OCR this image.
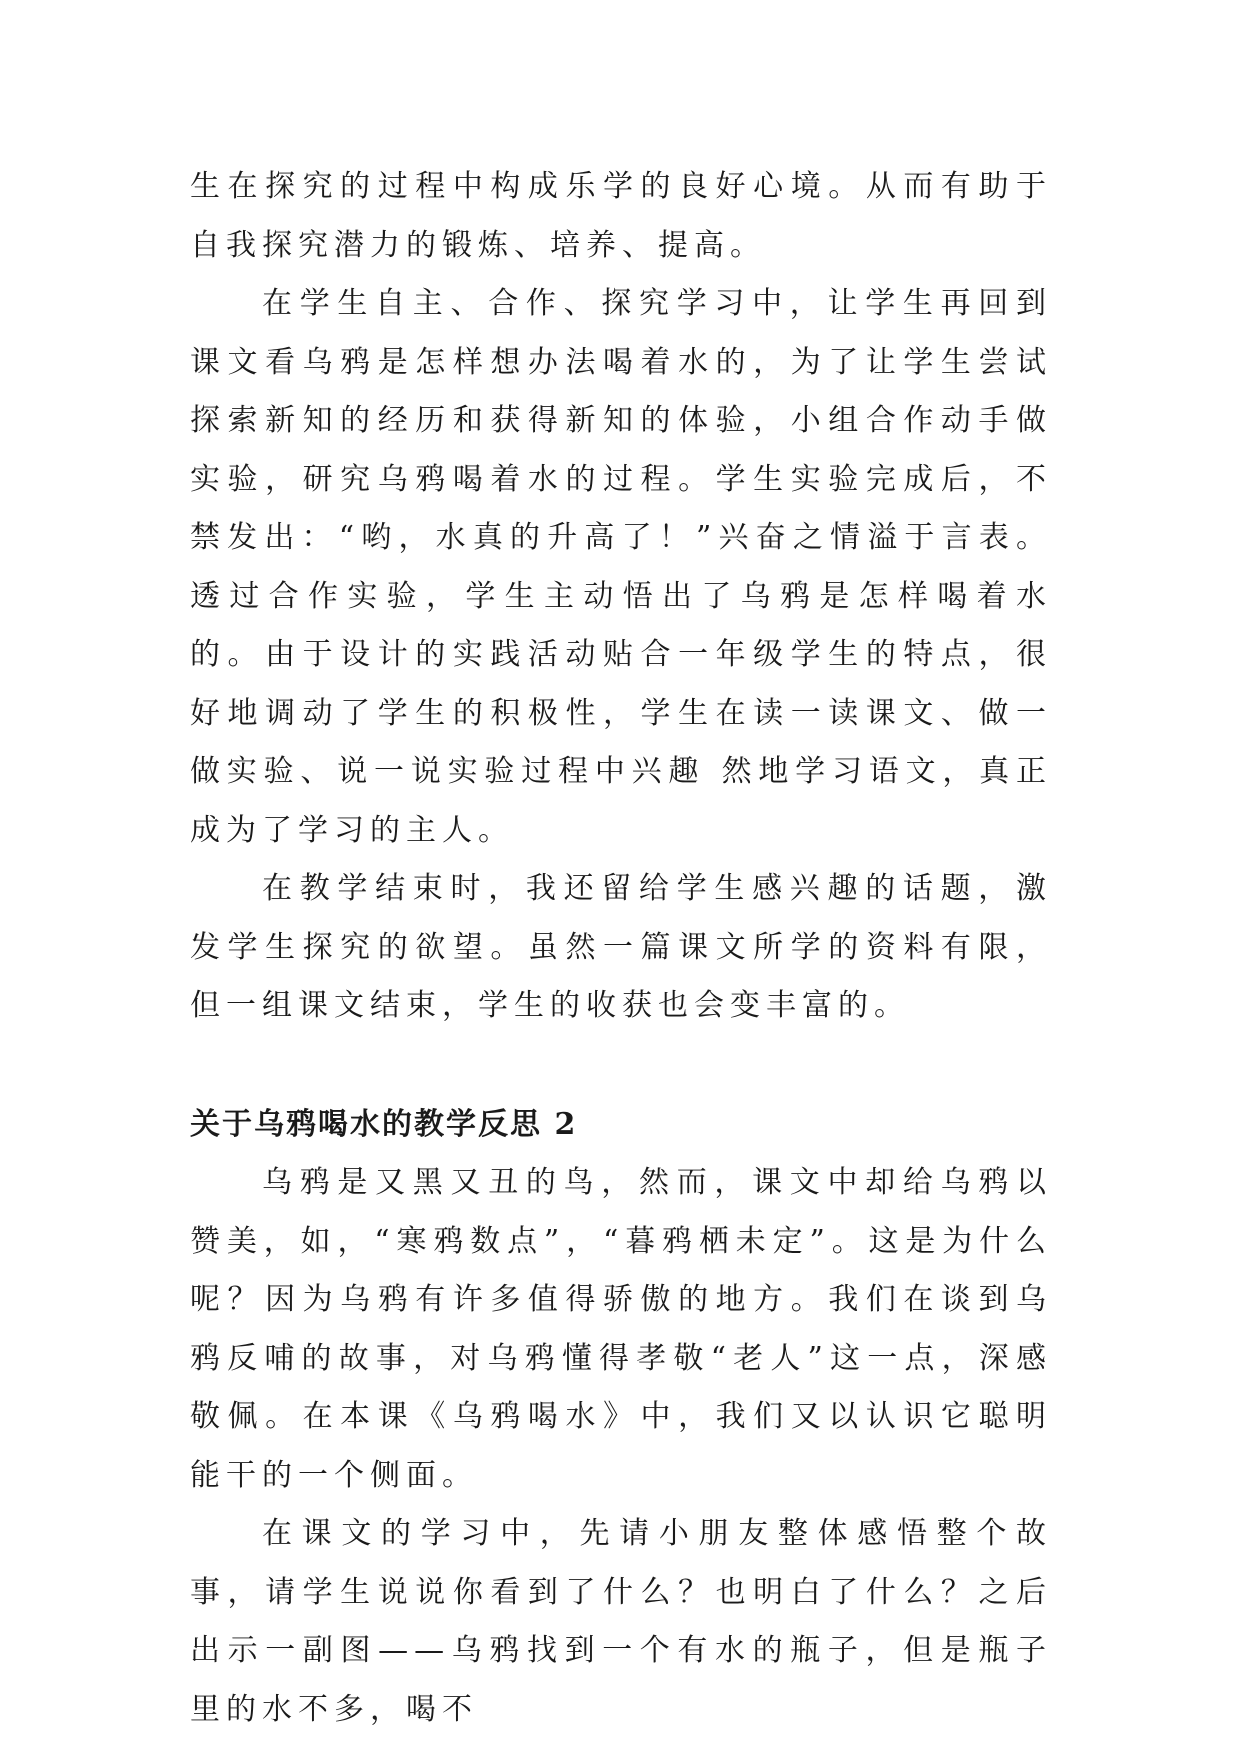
生在探究的过程中构成乐学的良好心境。从而有助于自我探究潜力的锻炼、培养、提高。

在学生自主、合作、探究学习中，让学生再回到课文看乌鸦是怎样想办法喝着水的，为了让学生尝试探索新知的经历和获得新知的体验，小组合作动手做实验，研究乌鸦喝着水的过程。学生实验完成后，不禁发出：“哟，水真的升高了！”兴奋之情溢于言表。透过合作实验，学生主动悟出了乌鸦是怎样喝着水的。由于设计的实践活动贴合一年级学生的特点，很好地调动了学生的积极性，学生在读一读课文、做一做实验、说一说实验过程中兴趣 然地学习语文，真正成为了学习的主人。

在教学结束时，我还留给学生感兴趣的话题，激发学生探究的欲望。虽然一篇课文所学的资料有限，但一组课文结束，学生的收获也会变丰富的。

关于乌鸦喝水的教学反思 2

乌鸦是又黑又丑的鸟，然而，课文中却给乌鸦以赞美，如，“寒鸦数点”，“暮鸦栖未定”。这是为什么呢？因为乌鸦有许多值得骄傲的地方。我们在谈到乌鸦反哺的故事，对乌鸦懂得孝敬“老人”这一点，深感敬佩。在本课《乌鸦喝水》中，我们又以认识它聪明能干的一个侧面。

在课文的学习中，先请小朋友整体感悟整个故事，请学生说说你看到了什么？也明白了什么？之后出示一副图——乌鸦找到一个有水的瓶子，但是瓶子里的水不多，喝不
